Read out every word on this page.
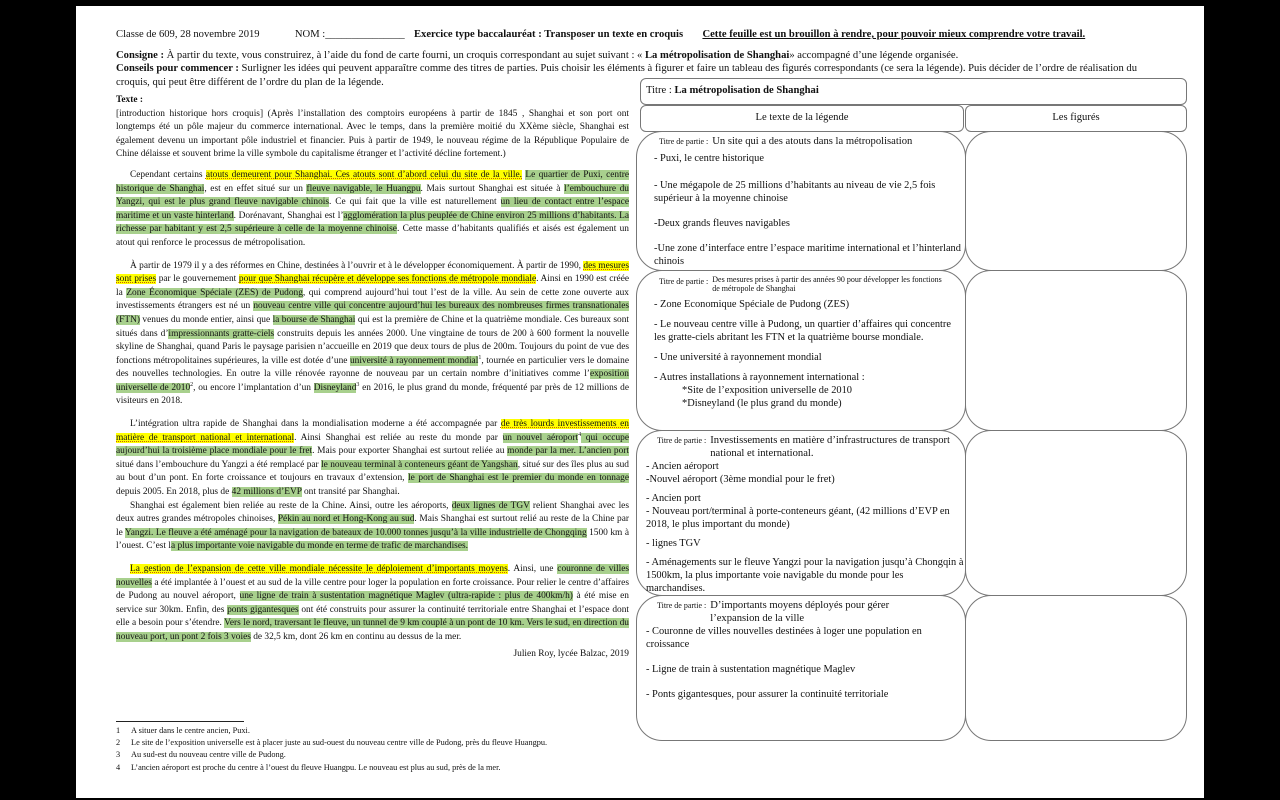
Classe de 609, 28 novembre 2019	NOM :_______________ Exercice type baccalauréat : Transposer un texte en croquis Cette feuille est un brouillon à rendre, pour pouvoir mieux comprendre votre travail.
Consigne : À partir du texte, vous construirez, à l’aide du fond de carte fourni, un croquis correspondant au sujet suivant : « La métropolisation de Shanghai» accompagné d’une légende organisée.
Conseils pour commencer : Surligner les idées qui peuvent apparaître comme des titres de parties. Puis choisir les éléments à figurer et faire un tableau des figurés correspondants (ce sera la légende). Puis décider de l’ordre de réalisation du croquis, qui peut être différent de l’ordre du plan de la légende.

Texte :

[introduction historique hors croquis] (Après l’installation des comptoirs européens à partir de 1845 , Shanghai et son port ont longtemps été un pôle majeur du commerce international. Avec le temps, dans la première moitié du XXème siècle, Shanghai est également devenu un important pôle industriel et financier. Puis à partir de 1949, le nouveau régime de la République Populaire de Chine délaisse et souvent brime la ville symbole du capitalisme étranger et l’activité décline fortement.)

Cependant certains atouts demeurent pour Shanghai. Ces atouts sont d’abord celui du site de la ville. Le quartier de Puxi, centre historique de Shanghai, est en effet situé sur un fleuve navigable, le Huangpu. Mais surtout Shanghai est située à l’embouchure du Yangzi, qui est le plus grand fleuve navigable chinois. Ce qui fait que la ville est naturellement un lieu de contact entre l’espace maritime et un vaste hinterland. Dorénavant, Shanghai est l’agglomération la plus peuplée de Chine environ 25 millions d’habitants. La richesse par habitant y est 2,5 supérieure à celle de la moyenne chinoise. Cette masse d’habitants qualifiés et aisés est également un atout qui renforce le processus de métropolisation.

À partir de 1979 il y a des réformes en Chine, destinées à l’ouvrir et à le développer économiquement. À partir de 1990, des mesures sont prises par le gouvernement pour que Shanghai récupère et développe ses fonctions de métropole mondiale. Ainsi en 1990 est créée la Zone Économique Spéciale (ZES) de Pudong, qui comprend aujourd’hui tout l’est de la ville. Au sein de cette zone ouverte aux investissements étrangers est né un nouveau centre ville qui concentre aujourd’hui les bureaux des nombreuses firmes transnationales (FTN) venues du monde entier, ainsi que la bourse de Shanghai qui est la première de Chine et la quatrième mondiale. Ces bureaux sont situés dans d’impressionnants gratte-ciels construits depuis les années 2000. Une vingtaine de tours de 200 à 600 forment la nouvelle skyline de Shanghai, quand Paris le paysage parisien n’accueille en 2019 que deux tours de plus de 200m. Toujours du point de vue des fonctions métropolitaines supérieures, la ville est dotée d’une université à rayonnement mondial$^1$, tournée en particulier vers le domaine des nouvelles technologies. En outre la ville rénovée rayonne de nouveau par un certain nombre d’initiatives comme l’exposition universelle de 2010$^2$, ou encore l’implantation d’un Disneyland$^3$ en 2016, le plus grand du monde, fréquenté par près de 12 millions de visiteurs en 2018.

L’intégration ultra rapide de Shanghai dans la mondialisation moderne a été accompagnée par de très lourds investissements en matière de transport national et international. Ainsi Shanghai est reliée au reste du monde par un nouvel aéroport$^4$ qui occupe aujourd’hui la troisième place mondiale pour le fret. Mais pour exporter Shanghai est surtout reliée au monde par la mer. L’ancien port situé dans l’embouchure du Yangzi a été remplacé par le nouveau terminal à conteneurs géant de Yangshan, situé sur des îles plus au sud au bout d’un pont. En forte croissance et toujours en travaux d’extension, le port de Shanghai est le premier du monde en tonnage depuis 2005. En 2018, plus de 42 millions d’EVP ont transité par Shanghai.

Shanghai est également bien reliée au reste de la Chine. Ainsi, outre les aéroports, deux lignes de TGV relient Shanghai avec les deux autres grandes métropoles chinoises, Pékin au nord et Hong-Kong au sud. Mais Shanghai est surtout relié au reste de la Chine par le Yangzi. Le fleuve a été aménagé pour la navigation de bateaux de 10.000 tonnes jusqu’à la ville industrielle de Chongqing 1500 km à l’ouest. C’est la plus importante voie navigable du monde en terme de trafic de marchandises.

La gestion de l’expansion de cette ville mondiale nécessite le déploiement d’importants moyens. Ainsi, une couronne de villes nouvelles a été implantée à l’ouest et au sud de la ville centre pour loger la population en forte croissance. Pour relier le centre d’affaires de Pudong au nouvel aéroport, une ligne de train à sustentation magnétique Maglev (ultra-rapide : plus de 400km/h) à été mise en service sur 30km. Enfin, des ponts gigantesques ont été construits pour assurer la continuité territoriale entre Shanghai et l’espace dont elle a besoin pour s’étendre. Vers le nord, traversant le fleuve, un tunnel de 9 km couplé à un pont de 10 km. Vers le sud, en direction du nouveau port, un pont 2 fois 3 voies de 32,5 km, dont 26 km en continu au dessus de la mer.

Julien Roy, lycée Balzac, 2019

1	A situer dans le centre ancien, Puxi.
2	Le site de l’exposition universelle est à placer juste au sud-ouest du nouveau centre ville de Pudong, près du fleuve Huangpu.
3	Au sud-est du nouveau centre ville de Pudong.
4	L’ancien aéroport est proche du centre à l’ouest du fleuve Huangpu. Le nouveau est plus au sud, près de la mer.
Titre : La métropolisation de Shanghai
Le texte de la légende	Les figurés
Titre de partie : Un site qui a des atouts dans la métropolisation
- Puxi, le centre historique
- Une mégapole de 25 millions d’habitants au niveau de vie 2,5 fois supérieur à la moyenne chinoise
-Deux grands fleuves navigables
-Une zone d’interface entre l’espace maritime international et l’hinterland chinois
Titre de partie : Des mesures prises à partir des années 90 pour développer les fonctions de métropole de Shanghai
- Zone Economique Spéciale de Pudong (ZES)
- Le nouveau centre ville à Pudong, un quartier d’affaires qui concentre les gratte-ciels abritant les FTN et la quatrième bourse mondiale.
- Une université à rayonnement mondial
- Autres installations à rayonnement international :
*Site de l’exposition universelle de 2010
*Disneyland (le plus grand du monde)
Titre de partie : Investissements en matière d’infrastructures de transport national et international.
- Ancien aéroport
-Nouvel aéroport (3ème mondial pour le fret)
- Ancien port
- Nouveau port/terminal à porte-conteneurs géant, (42 millions d’EVP en 2018, le plus important du monde)
- lignes TGV
- Aménagements sur le fleuve Yangzi pour la navigation jusqu’à Chongqin à 1500km, la plus importante voie navigable du monde pour les marchandises.
Titre de partie : D’importants moyens déployés pour gérer l’expansion de la ville
- Couronne de villes nouvelles destinées à loger une population en croissance
- Ligne de train à sustentation magnétique Maglev
- Ponts gigantesques, pour assurer la continuité territoriale
